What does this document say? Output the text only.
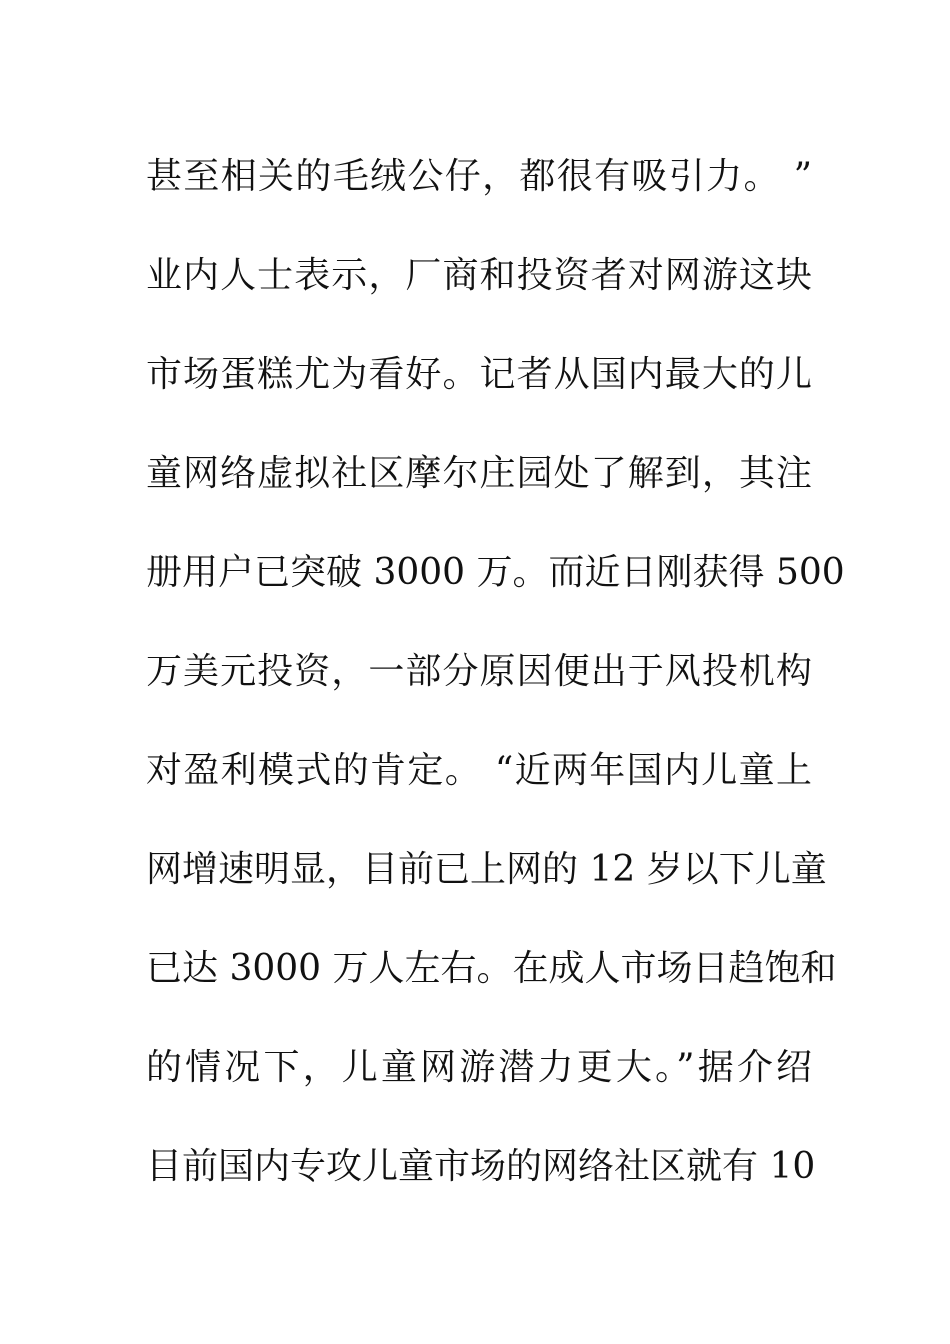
甚至相关的毛绒公仔，都很有吸引力。 ”
业内人士表示，厂商和投资者对网游这块
市场蛋糕尤为看好。记者从国内最大的儿
童网络虚拟社区摩尔庄园处了解到，其注
册用户已突破 3000 万。而近日刚获得 500
万美元投资，一部分原因便出于风投机构
对盈利模式的肯定。 “近两年国内儿童上
网增速明显，目前已上网的 12 岁以下儿童
已达 3000 万人左右。在成人市场日趋饱和
的情况下，儿童网游潜力更大。”据介绍
目前国内专攻儿童市场的网络社区就有 10
